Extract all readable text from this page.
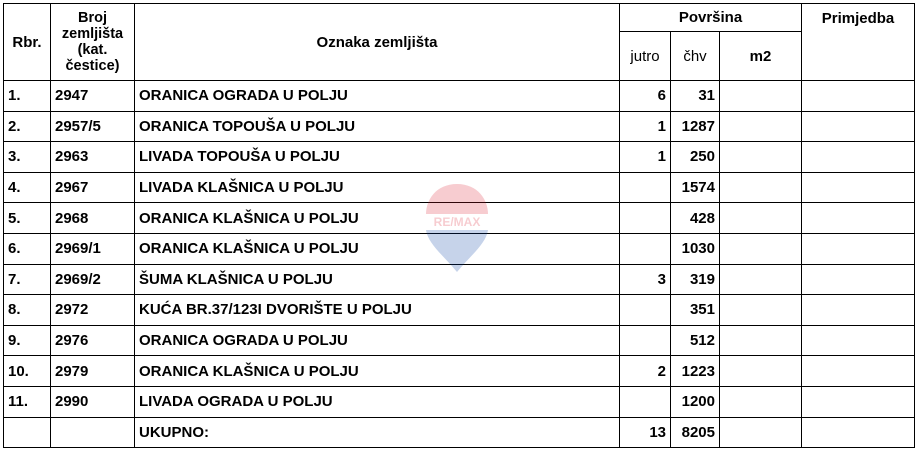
Rbr.	Broj zemljišta (kat. čestice)	Oznaka zemljišta	Površina			Primjedba
			jutro	čhv	m2	
1.	2947	ORANICA OGRADA U POLJU	6	31		
2.	2957/5	ORANICA TOPOUŠA U POLJU	1	1287		
3.	2963	LIVADA TOPOUŠA U POLJU	1	250		
4.	2967	LIVADA KLAŠNICA U POLJU		1574		
5.	2968	ORANICA KLAŠNICA U POLJU		428		
6.	2969/1	ORANICA KLAŠNICA U POLJU		1030		
7.	2969/2	ŠUMA KLAŠNICA U POLJU	3	319		
8.	2972	KUĆA BR.37/123I DVORIŠTE U POLJU		351		
9.	2976	ORANICA OGRADA U POLJU		512		
10.	2979	ORANICA KLAŠNICA U POLJU	2	1223		
11.	2990	LIVADA OGRADA U POLJU		1200		
		UKUPNO:	13	8205		
RE/MAX
